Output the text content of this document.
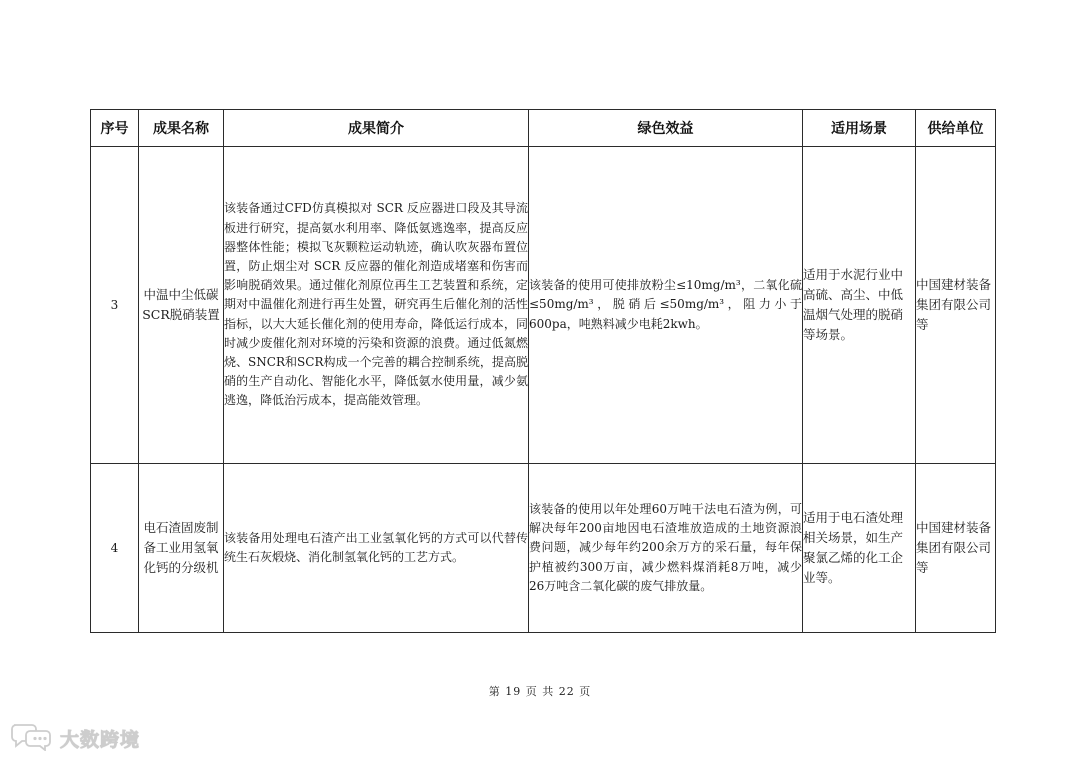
序号	成果名称	成果简介	绿色效益	适用场景	供给单位
3	中温中尘低碳SCR脱硝装置	该装备通过CFD仿真模拟对 SCR 反应器进口段及其导流板进行研究，提高氨水利用率、降低氨逃逸率，提高反应器整体性能；模拟飞灰颗粒运动轨迹，确认吹灰器布置位置，防止烟尘对 SCR 反应器的催化剂造成堵塞和伤害而影响脱硝效果。通过催化剂原位再生工艺装置和系统，定期对中温催化剂进行再生处置，研究再生后催化剂的活性指标，以大大延长催化剂的使用寿命，降低运行成本，同时减少废催化剂对环境的污染和资源的浪费。通过低氮燃烧、SNCR和SCR构成一个完善的耦合控制系统，提高脱硝的生产自动化、智能化水平，降低氨水使用量，减少氨逃逸，降低治污成本，提高能效管理。	该装备的使用可使排放粉尘≤10mg/m³，二氧化硫≤50mg/m³，脱硝后≤50mg/m³，阻力小于600pa，吨熟料减少电耗2kwh。	适用于水泥行业中高硫、高尘、中低温烟气处理的脱硝等场景。	中国建材装备集团有限公司等
4	电石渣固废制备工业用氢氧化钙的分级机	该装备用处理电石渣产出工业氢氧化钙的方式可以代替传统生石灰煅烧、消化制氢氧化钙的工艺方式。	该装备的使用以年处理60万吨干法电石渣为例，可解决每年200亩地因电石渣堆放造成的土地资源浪费问题，减少每年约200余万方的采石量，每年保护植被约300万亩，减少燃料煤消耗8万吨，减少26万吨含二氧化碳的废气排放量。	适用于电石渣处理相关场景，如生产聚氯乙烯的化工企业等。	中国建材装备集团有限公司等
第 19 页 共 22 页
大数跨境
